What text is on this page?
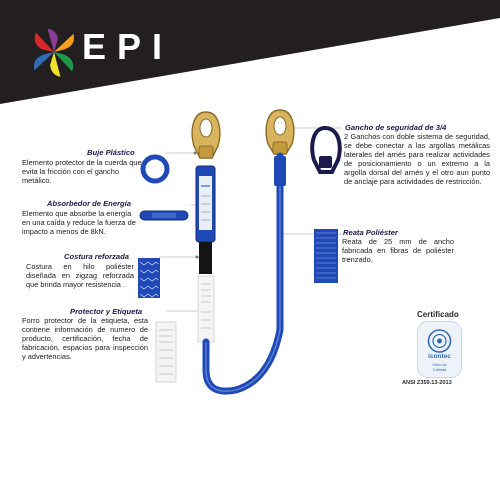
EPI
Buje Plástico
Elemento protector de la cuerda que evita la fricción con el gancho metálico.
Absorbedor de Energía
Elemento que absorbe la energía en una caída y reduce la fuerza de impacto a menos de 8kN.
Costura reforzada
Costura en hilo poliéster diseñada en zigzag reforzada que brinda mayor resistencia .
Protector y Etiqueta
Forro protector de la etiqueta, esta contiene información de numero de producto, certificación, fecha de fabricación, espacios para inspección y advertencias.
Gancho de seguridad de 3/4
2 Ganchos con doble sistema de seguridad, se debe conectar a las argollas metálicas laterales del arnés para realizar actividades de posicionamiento o un extremo a la argolla dorsal del arnés y el otro aun punto de anclaje para actividades de restricción.
Reata Poliéster
Reata de 25 mm de ancho fabricada en fibras de poliéster trenzado.
Certificado
icontec
Sello de
Calidad
ANSI Z359.13-2013
